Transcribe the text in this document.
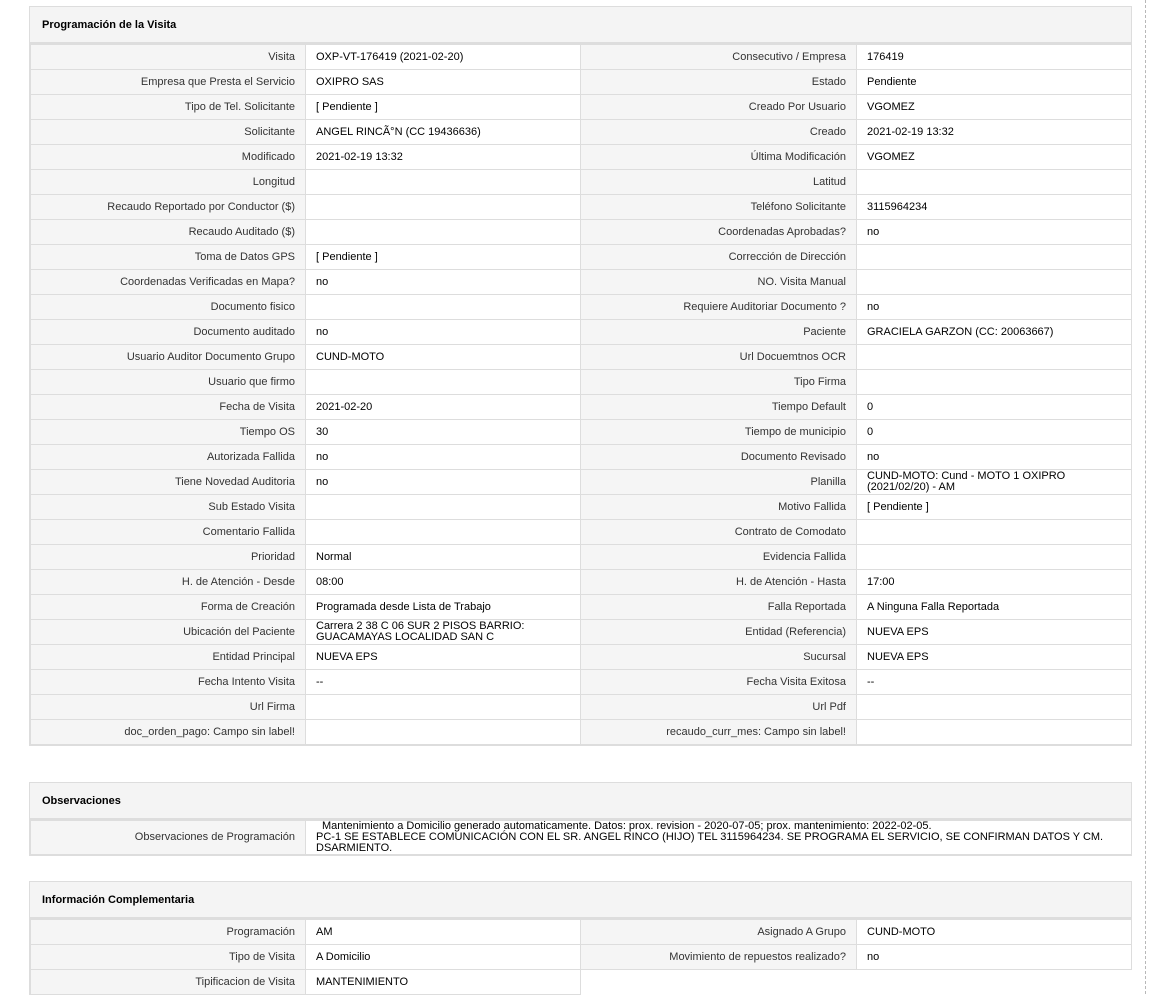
Programación de la Visita
Visita	OXP-VT-176419 (2021-02-20)	Consecutivo / Empresa	176419
Empresa que Presta el Servicio	OXIPRO SAS	Estado	Pendiente
Tipo de Tel. Solicitante	[ Pendiente ]	Creado Por Usuario	VGOMEZ
Solicitante	ANGEL RINCÃ°N (CC 19436636)	Creado	2021-02-19 13:32
Modificado	2021-02-19 13:32	Última Modificación	VGOMEZ
Longitud		Latitud	
Recaudo Reportado por Conductor ($)		Teléfono Solicitante	3115964234
Recaudo Auditado ($)		Coordenadas Aprobadas?	no
Toma de Datos GPS	[ Pendiente ]	Corrección de Dirección	
Coordenadas Verificadas en Mapa?	no	NO. Visita Manual	
Documento fisico		Requiere Auditoriar Documento ?	no
Documento auditado	no	Paciente	GRACIELA GARZON (CC: 20063667)
Usuario Auditor Documento Grupo	CUND-MOTO	Url Docuemtnos OCR	
Usuario que firmo		Tipo Firma	
Fecha de Visita	2021-02-20	Tiempo Default	0
Tiempo OS	30	Tiempo de municipio	0
Autorizada Fallida	no	Documento Revisado	no
Tiene Novedad Auditoria	no	Planilla	CUND-MOTO: Cund - MOTO 1 OXIPRO (2021/02/20) - AM
Sub Estado Visita		Motivo Fallida	[ Pendiente ]
Comentario Fallida		Contrato de Comodato	
Prioridad	Normal	Evidencia Fallida	
H. de Atención - Desde	08:00	H. de Atención - Hasta	17:00
Forma de Creación	Programada desde Lista de Trabajo	Falla Reportada	A Ninguna Falla Reportada
Ubicación del Paciente	Carrera 2 38 C 06 SUR 2 PISOS BARRIO: GUACAMAYAS LOCALIDAD SAN C	Entidad (Referencia)	NUEVA EPS
Entidad Principal	NUEVA EPS	Sucursal	NUEVA EPS
Fecha Intento Visita	--	Fecha Visita Exitosa	--
Url Firma		Url Pdf	
doc_orden_pago: Campo sin label!		recaudo_curr_mes: Campo sin label!	
Observaciones
Observaciones de Programación	
Mantenimiento a Domicilio generado automaticamente. Datos: prox. revision - 2020-07-05; prox. mantenimiento: 2022-02-05.
PC-1 SE ESTABLECE COMUNICACIÓN CON EL SR. ANGEL RINCO (HIJO) TEL 3115964234. SE PROGRAMA EL SERVICIO, SE CONFIRMAN DATOS Y CM. DSARMIENTO.
Información Complementaria
Programación	AM	Asignado A Grupo	CUND-MOTO
Tipo de Visita	A Domicilio	Movimiento de repuestos realizado?	no
Tipificacion de Visita	MANTENIMIENTO		
